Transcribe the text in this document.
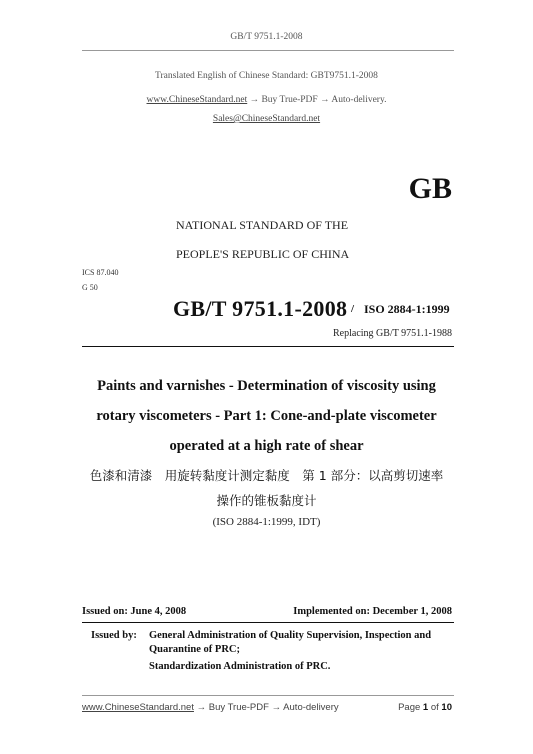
GB/T 9751.1-2008
Translated English of Chinese Standard: GBT9751.1-2008
www.ChineseStandard.net → Buy True-PDF → Auto-delivery.
Sales@ChineseStandard.net
GB
NATIONAL STANDARD OF THE
PEOPLE'S REPUBLIC OF CHINA
ICS 87.040
G 50
GB/T 9751.1-2008 / ISO 2884-1:1999
Replacing GB/T 9751.1-1988
Paints and varnishes - Determination of viscosity using
rotary viscometers - Part 1: Cone-and-plate viscometer
operated at a high rate of shear
色漆和清漆　用旋转黏度计测定黏度　第 1 部分：以高剪切速率
操作的锥板黏度计
(ISO 2884-1:1999, IDT)
Issued on: June 4, 2008	Implemented on: December 1, 2008
Issued by: General Administration of Quality Supervision, Inspection and
Quarantine of PRC;
Standardization Administration of PRC.
www.ChineseStandard.net → Buy True-PDF → Auto-delivery	Page 1 of 10
